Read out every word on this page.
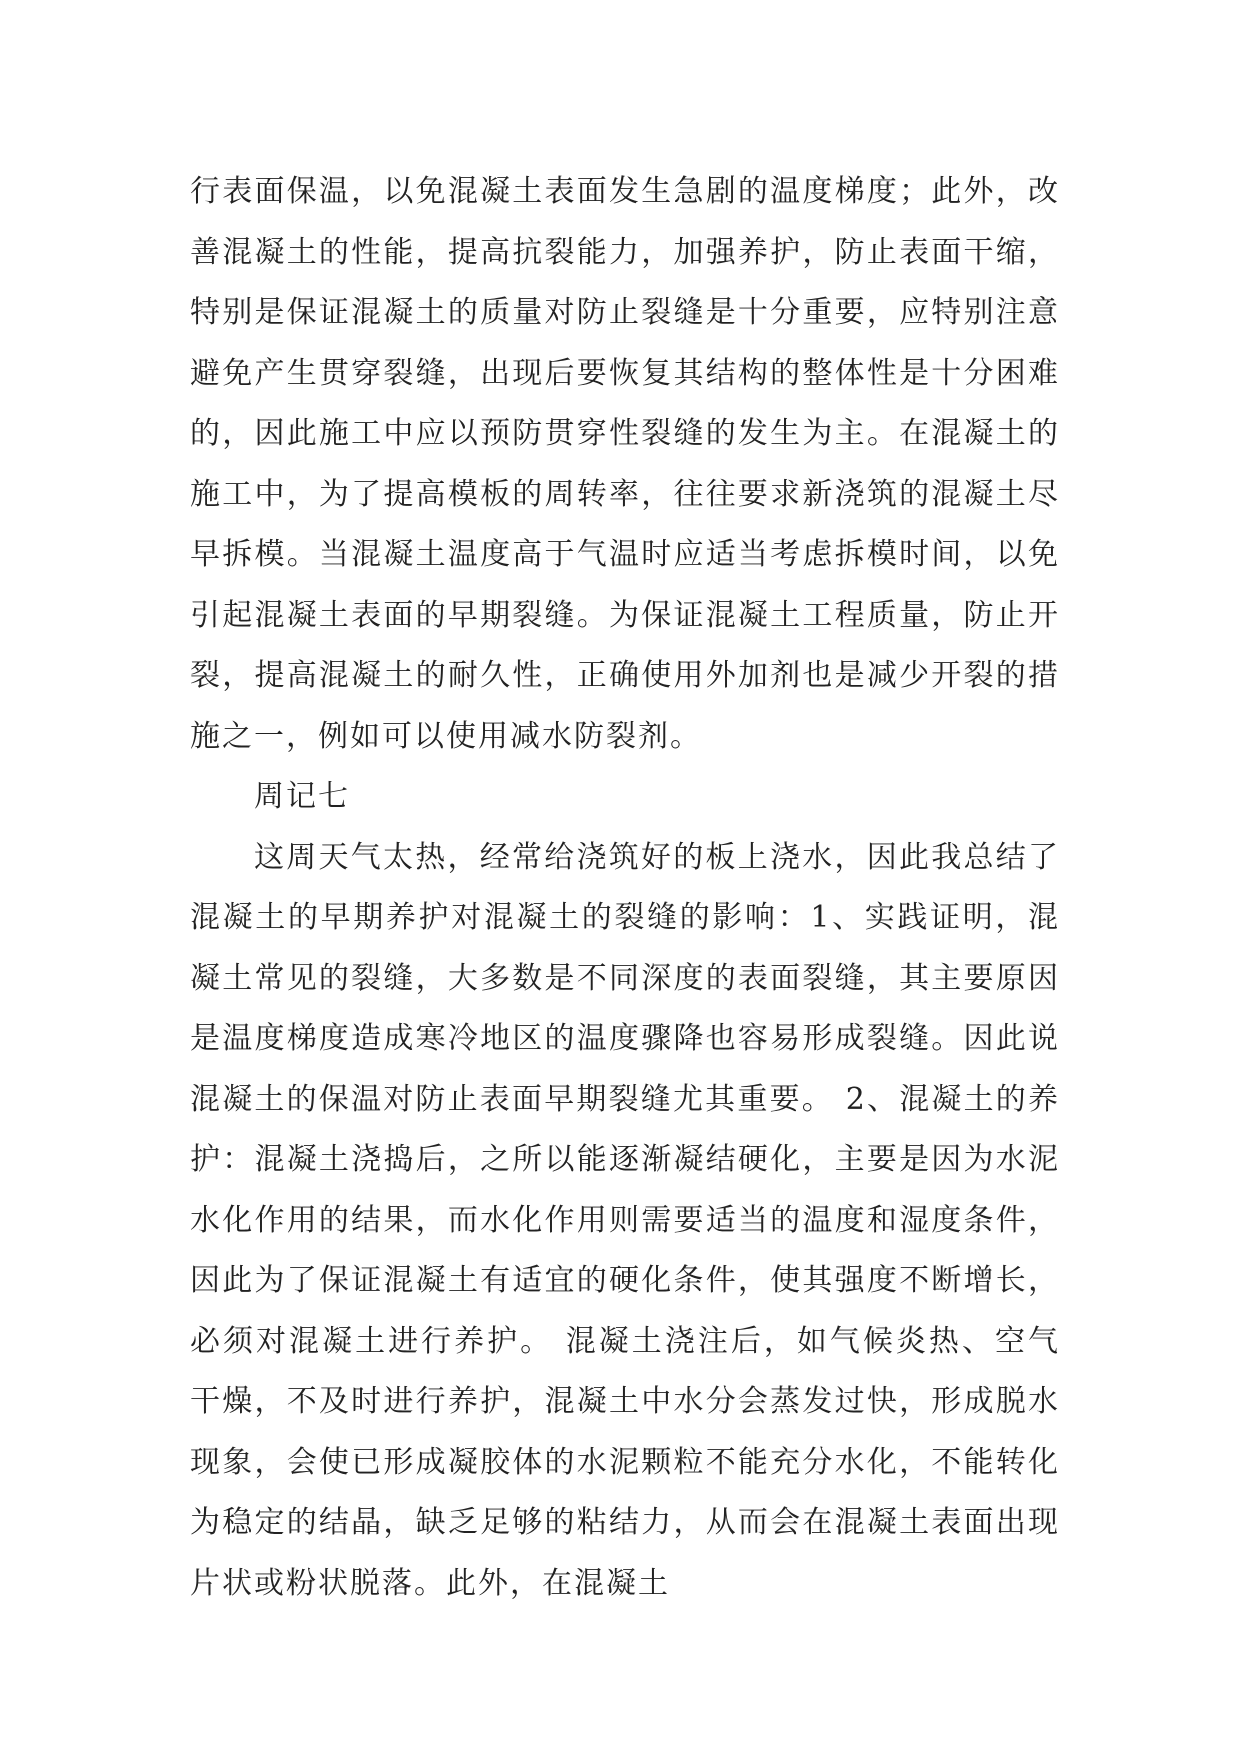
行表面保温，以免混凝土表面发生急剧的温度梯度；此外，改善混凝土的性能，提高抗裂能力，加强养护，防止表面干缩，特别是保证混凝土的质量对防止裂缝是十分重要，应特别注意避免产生贯穿裂缝，出现后要恢复其结构的整体性是十分困难的，因此施工中应以预防贯穿性裂缝的发生为主。在混凝土的施工中，为了提高模板的周转率，往往要求新浇筑的混凝土尽早拆模。当混凝土温度高于气温时应适当考虑拆模时间，以免引起混凝土表面的早期裂缝。为保证混凝土工程质量，防止开裂，提高混凝土的耐久性，正确使用外加剂也是减少开裂的措施之一，例如可以使用减水防裂剂。

周记七

这周天气太热，经常给浇筑好的板上浇水，因此我总结了混凝土的早期养护对混凝土的裂缝的影响：1、实践证明，混凝土常见的裂缝，大多数是不同深度的表面裂缝，其主要原因是温度梯度造成寒冷地区的温度骤降也容易形成裂缝。因此说混凝土的保温对防止表面早期裂缝尤其重要。 2、混凝土的养护：混凝土浇捣后，之所以能逐渐凝结硬化，主要是因为水泥水化作用的结果，而水化作用则需要适当的温度和湿度条件，因此为了保证混凝土有适宜的硬化条件，使其强度不断增长，必须对混凝土进行养护。 混凝土浇注后，如气候炎热、空气干燥，不及时进行养护，混凝土中水分会蒸发过快，形成脱水现象，会使已形成凝胶体的水泥颗粒不能充分水化，不能转化为稳定的结晶，缺乏足够的粘结力，从而会在混凝土表面出现片状或粉状脱落。此外，在混凝土
